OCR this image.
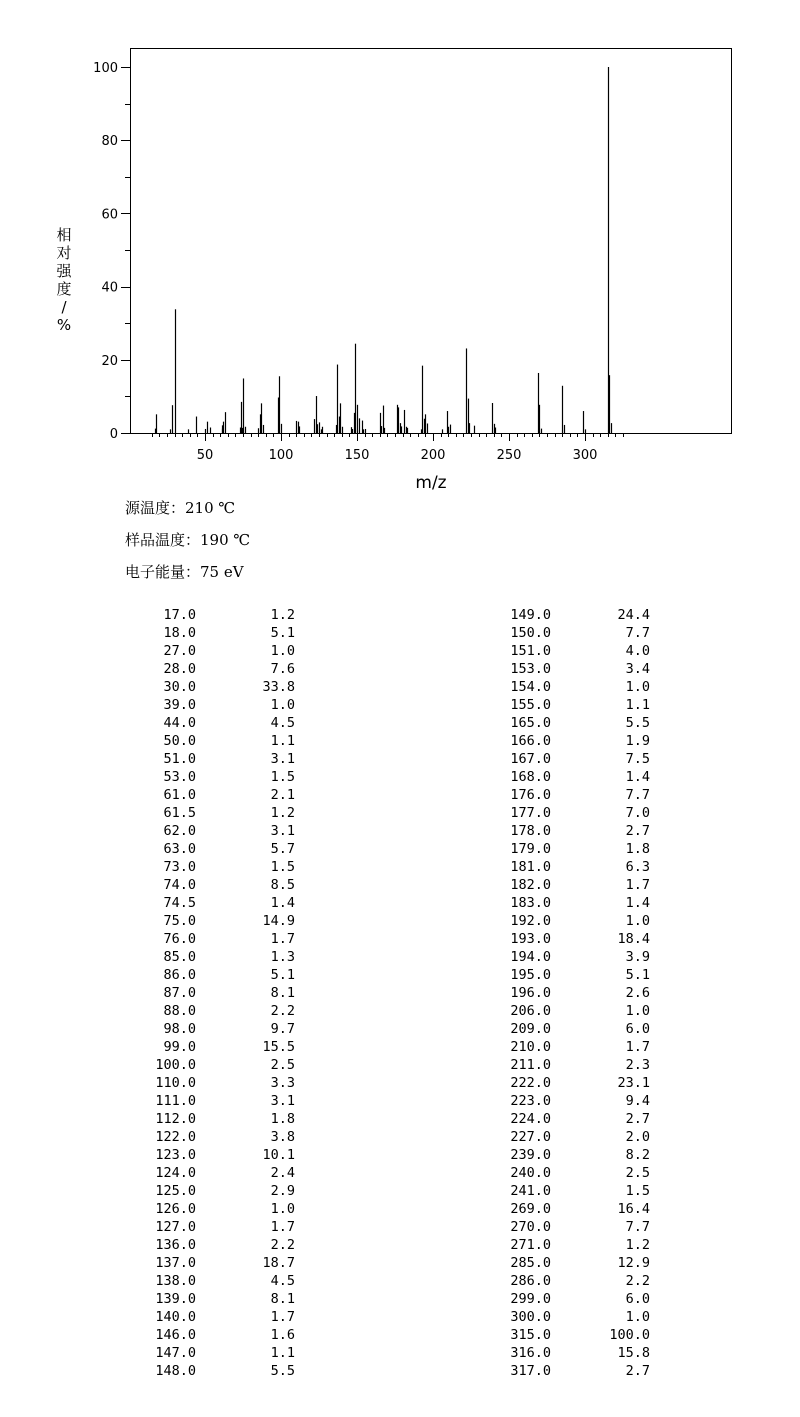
0
20
40
60
80
100
50	100	150	200	250	300
相对强度/ %
m/z
源温度：210 ℃
样品温度：190 ℃
电子能量：75 eV
17.0	1.2
18.0	5.1
27.0	1.0
28.0	7.6
30.0	33.8
39.0	1.0
44.0	4.5
50.0	1.1
51.0	3.1
53.0	1.5
61.0	2.1
61.5	1.2
62.0	3.1
63.0	5.7
73.0	1.5
74.0	8.5
74.5	1.4
75.0	14.9
76.0	1.7
85.0	1.3
86.0	5.1
87.0	8.1
88.0	2.2
98.0	9.7
99.0	15.5
100.0	2.5
110.0	3.3
111.0	3.1
112.0	1.8
122.0	3.8
123.0	10.1
124.0	2.4
125.0	2.9
126.0	1.0
127.0	1.7
136.0	2.2
137.0	18.7
138.0	4.5
139.0	8.1
140.0	1.7
146.0	1.6
147.0	1.1
148.0	5.5
149.0	24.4
150.0	7.7
151.0	4.0
153.0	3.4
154.0	1.0
155.0	1.1
165.0	5.5
166.0	1.9
167.0	7.5
168.0	1.4
176.0	7.7
177.0	7.0
178.0	2.7
179.0	1.8
181.0	6.3
182.0	1.7
183.0	1.4
192.0	1.0
193.0	18.4
194.0	3.9
195.0	5.1
196.0	2.6
206.0	1.0
209.0	6.0
210.0	1.7
211.0	2.3
222.0	23.1
223.0	9.4
224.0	2.7
227.0	2.0
239.0	8.2
240.0	2.5
241.0	1.5
269.0	16.4
270.0	7.7
271.0	1.2
285.0	12.9
286.0	2.2
299.0	6.0
300.0	1.0
315.0	100.0
316.0	15.8
317.0	2.7
